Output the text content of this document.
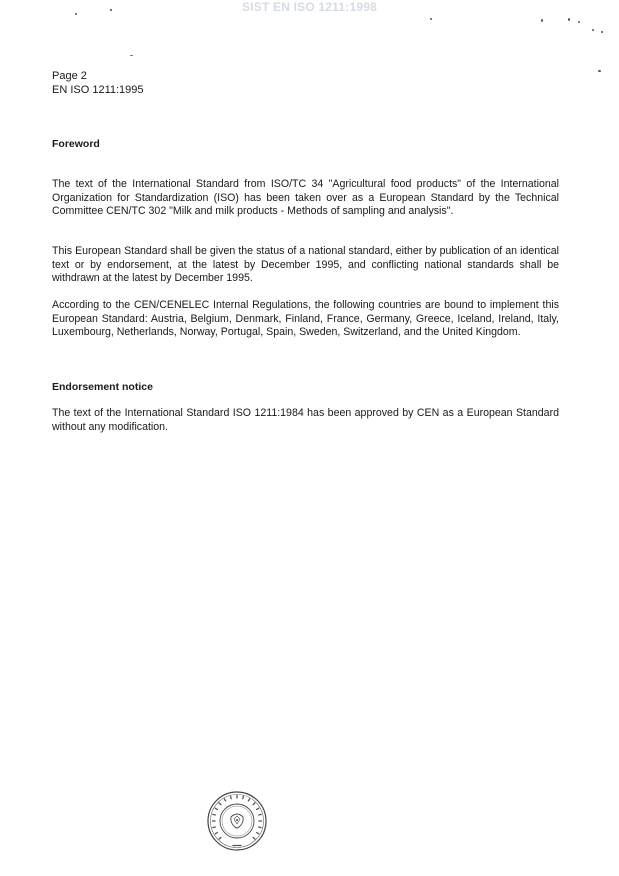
SIST EN ISO 1211:1998
Page 2
EN ISO 1211:1995
Foreword

The text of the International Standard from ISO/TC 34 "Agricultural food products" of the International Organization for Standardization (ISO) has been taken over as a European Standard by the Technical Committee CEN/TC 302 "Milk and milk products - Methods of sampling and analysis".

This European Standard shall be given the status of a national standard, either by publication of an identical text or by endorsement, at the latest by December 1995, and conflicting national standards shall be withdrawn at the latest by December 1995.

According to the CEN/CENELEC Internal Regulations, the following countries are bound to implement this European Standard: Austria, Belgium, Denmark, Finland, France, Germany, Greece, Iceland, Ireland, Italy, Luxembourg, Netherlands, Norway, Portugal, Spain, Sweden, Switzerland, and the United Kingdom.

Endorsement notice

The text of the International Standard ISO 1211:1984 has been approved by CEN as a European Standard without any modification.
